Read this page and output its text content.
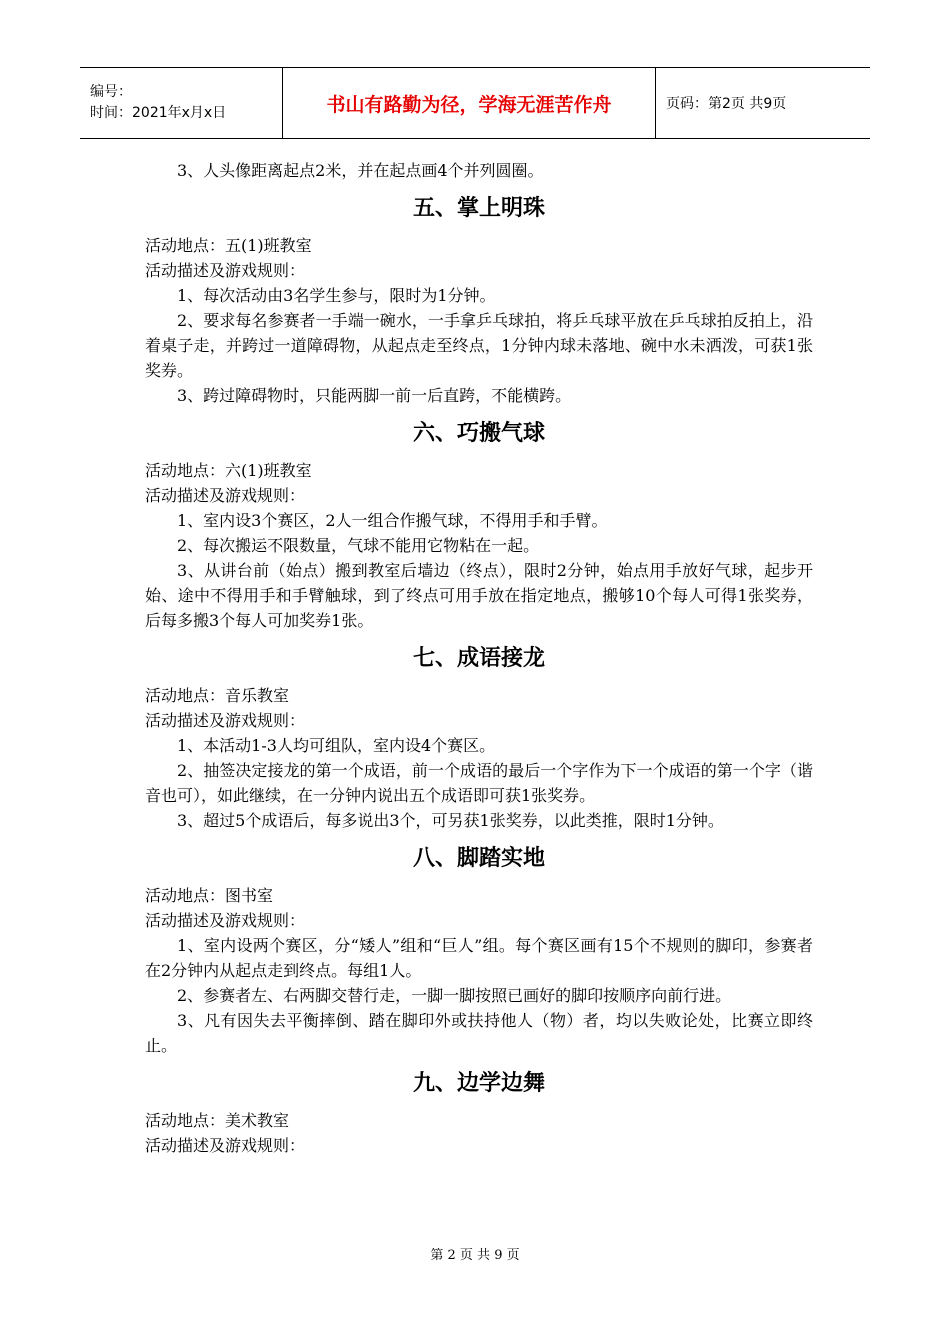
编号：
时间：2021年x月x日	书山有路勤为径，学海无涯苦作舟	页码：第2页 共9页

3、人头像距离起点2米，并在起点画4个并列圆圈。

五、掌上明珠

活动地点：五(1)班教室

活动描述及游戏规则：

1、每次活动由3名学生参与，限时为1分钟。

2、要求每名参赛者一手端一碗水，一手拿乒乓球拍，将乒乓球平放在乒乓球拍反拍上，沿着桌子走，并跨过一道障碍物，从起点走至终点，1分钟内球未落地、碗中水未洒泼，可获1张奖券。

3、跨过障碍物时，只能两脚一前一后直跨，不能横跨。

六、巧搬气球

活动地点：六(1)班教室

活动描述及游戏规则：

1、室内设3个赛区，2人一组合作搬气球，不得用手和手臂。

2、每次搬运不限数量，气球不能用它物粘在一起。

3、从讲台前（始点）搬到教室后墙边（终点），限时2分钟，始点用手放好气球，起步开始、途中不得用手和手臂触球，到了终点可用手放在指定地点，搬够10个每人可得1张奖券，后每多搬3个每人可加奖券1张。

七、成语接龙

活动地点：音乐教室

活动描述及游戏规则：

1、本活动1-3人均可组队，室内设4个赛区。

2、抽签决定接龙的第一个成语，前一个成语的最后一个字作为下一个成语的第一个字（谐音也可），如此继续，在一分钟内说出五个成语即可获1张奖券。

3、超过5个成语后，每多说出3个，可另获1张奖券，以此类推，限时1分钟。

八、脚踏实地

活动地点：图书室

活动描述及游戏规则：

1、室内设两个赛区，分“矮人”组和“巨人”组。每个赛区画有15个不规则的脚印，参赛者在2分钟内从起点走到终点。每组1人。

2、参赛者左、右两脚交替行走，一脚一脚按照已画好的脚印按顺序向前行进。

3、凡有因失去平衡摔倒、踏在脚印外或扶持他人（物）者，均以失败论处，比赛立即终止。

九、边学边舞

活动地点：美术教室

活动描述及游戏规则：

第 2 页 共 9 页
